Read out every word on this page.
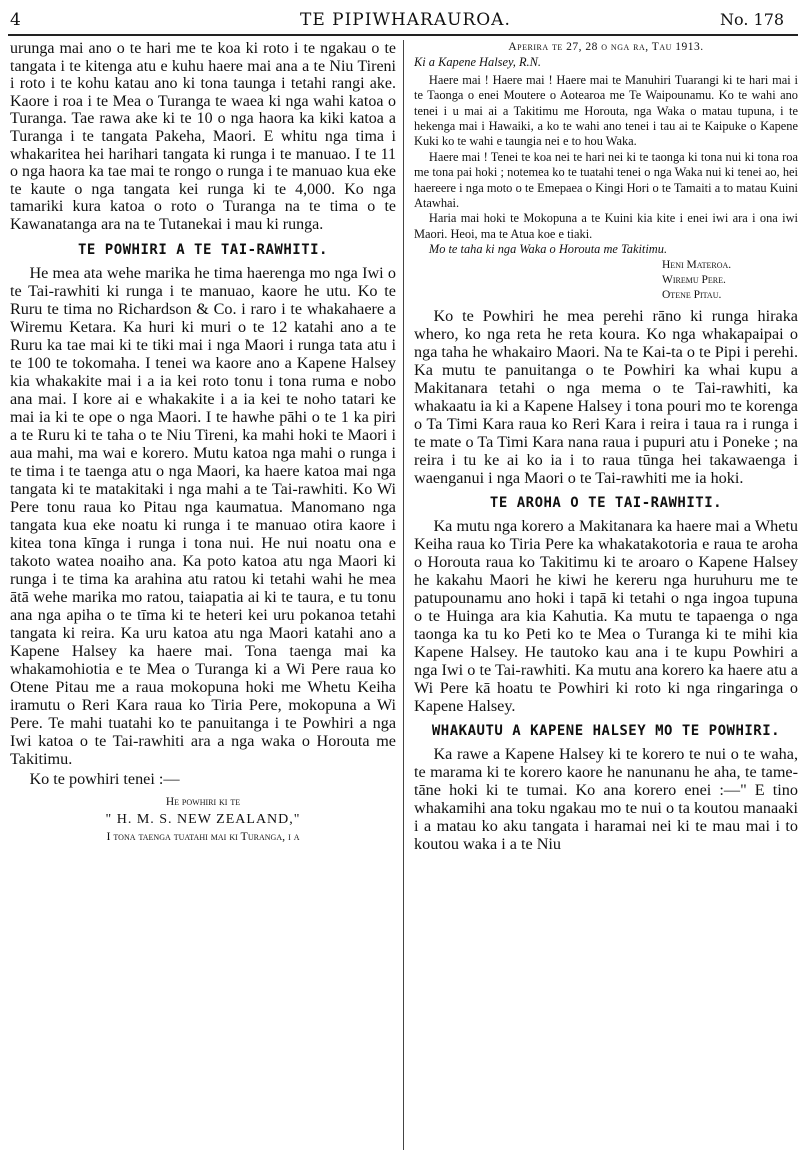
4	TE PIPIWHARAUROA.	No. 178

urunga mai ano o te hari me te koa ki roto i te ngakau o te tangata i te kitenga atu e kuhu haere mai ana a te Niu Tireni i roto i te kohu katau ano ki tona taunga i tetahi rangi ake. Kaore i roa i te Mea o Turanga te waea ki nga wahi katoa o Turanga. Tae rawa ake ki te 10 o nga haora ka kiki katoa a Turanga i te tangata Pakeha, Maori. E whitu nga tima i whakaritea hei harihari tangata ki runga i te manuao. I te 11 o nga haora ka tae mai te rongo o runga i te manuao kua eke te kaute o nga tangata kei runga ki te 4,000. Ko nga tamariki kura katoa o roto o Turanga na te tima o te Kawanatanga ara na te Tutanekai i mau ki runga.

TE POWHIRI A TE TAI-RAWHITI.

He mea ata wehe marika he tima haerenga mo nga Iwi o te Tai-rawhiti ki runga i te manuao, kaore he utu. Ko te Ruru te tima no Richardson & Co. i raro i te whakahaere a Wiremu Ketara. Ka huri ki muri o te 12 katahi ano a te Ruru ka tae mai ki te tiki mai i nga Maori i runga tata atu i te 100 te tokomaha. I tenei wa kaore ano a Kapene Halsey kia whakakite mai i a ia kei roto tonu i tona ruma e nobo ana mai. I kore ai e whakakite i a ia kei te noho tatari ke mai ia ki te ope o nga Maori. I te hawhe pāhi o te 1 ka piri a te Ruru ki te taha o te Niu Tireni, ka mahi hoki te Maori i aua mahi, ma wai e korero. Mutu katoa nga mahi o runga i te tima i te taenga atu o nga Maori, ka haere katoa mai nga tangata ki te matakitaki i nga mahi a te Tai-rawhiti. Ko Wi Pere tonu raua ko Pitau nga kaumatua. Manomano nga tangata kua eke noatu ki runga i te manuao otira kaore i kitea tona kīnga i runga i tona nui. He nui noatu ona e takoto watea noaiho ana. Ka poto katoa atu nga Maori ki runga i te tima ka arahina atu ratou ki tetahi wahi he mea ātā wehe marika mo ratou, taiapatia ai ki te taura, e tu tonu ana nga apiha o te tīma ki te heteri kei uru pokanoa tetahi tangata ki reira. Ka uru katoa atu nga Maori katahi ano a Kapene Halsey ka haere mai. Tona taenga mai ka whakamohiotia e te Mea o Turanga ki a Wi Pere raua ko Otene Pitau me a raua mokopuna hoki me Whetu Keiha iramutu o Reri Kara raua ko Tiria Pere, mokopuna a Wi Pere. Te mahi tuatahi ko te panuitanga i te Powhiri a nga Iwi katoa o te Tai-rawhiti ara a nga waka o Horouta me Takitimu.

Ko te powhiri tenei :—

He powhiri ki te

" H. M. S. NEW ZEALAND,"

I tona taenga tuatahi mai ki Turanga, i a

Aperira te 27, 28 o nga ra, Tau 1913.

Ki a Kapene Halsey, R.N.

Haere mai ! Haere mai ! Haere mai te Manuhiri Tuarangi ki te hari mai i te Taonga o enei Moutere o Aotearoa me Te Waipounamu. Ko te wahi ano tenei i u mai ai a Takitimu me Horouta, nga Waka o matau tupuna, i te hekenga mai i Hawaiki, a ko te wahi ano tenei i tau ai te Kaipuke o Kapene Kuki ko te wahi e taungia nei e to hou Waka.

Haere mai ! Tenei te koa nei te hari nei ki te taonga ki tona nui ki tona roa me tona pai hoki ; notemea ko te tuatahi tenei o nga Waka nui ki tenei ao, hei haereere i nga moto o te Emepaea o Kingi Hori o te Tamaiti a to matau Kuini Atawhai.

Haria mai hoki te Mokopuna a te Kuini kia kite i enei iwi ara i ona iwi Maori. Heoi, ma te Atua koe e tiaki.

Mo te taha ki nga Waka o Horouta me Takitimu.

Heni Materoa.

Wiremu Pere.

Otene Pitau.

Ko te Powhiri he mea perehi rāno ki runga hiraka whero, ko nga reta he reta koura. Ko nga whakapaipai o nga taha he whakairo Maori. Na te Kai-ta o te Pipi i perehi. Ka mutu te panuitanga o te Powhiri ka whai kupu a Makitanara tetahi o nga mema o te Tai-rawhiti, ka whakaatu ia ki a Kapene Halsey i tona pouri mo te korenga o Ta Timi Kara raua ko Reri Kara i reira i taua ra i runga i te mate o Ta Timi Kara nana raua i pupuri atu i Poneke ; na reira i tu ke ai ko ia i to raua tūnga hei takawaenga i waenganui i nga Maori o te Tai-rawhiti me ia hoki.

TE AROHA O TE TAI-RAWHITI.

Ka mutu nga korero a Makitanara ka haere mai a Whetu Keiha raua ko Tiria Pere ka whakatakotoria e raua te aroha o Horouta raua ko Takitimu ki te aroaro o Kapene Halsey he kakahu Maori he kiwi he kereru nga huruhuru me te patupounamu ano hoki i tapā ki tetahi o nga ingoa tupuna o te Huinga ara kia Kahutia. Ka mutu te tapaenga o nga taonga ka tu ko Peti ko te Mea o Turanga ki te mihi kia Kapene Halsey. He tautoko kau ana i te kupu Powhiri a nga Iwi o te Tai-rawhiti. Ka mutu ana korero ka haere atu a Wi Pere kā hoatu te Powhiri ki roto ki nga ringaringa o Kapene Halsey.

WHAKAUTU A KAPENE HALSEY MO TE POWHIRI.

Ka rawe a Kapene Halsey ki te korero te nui o te waha, te marama ki te korero kaore he nanunanu he aha, te tame-tāne hoki ki te tumai. Ko ana korero enei :—" E tino whakamihi ana toku ngakau mo te nui o ta koutou manaaki i a matau ko aku tangata i haramai nei ki te mau mai i to koutou waka i a te Niu
